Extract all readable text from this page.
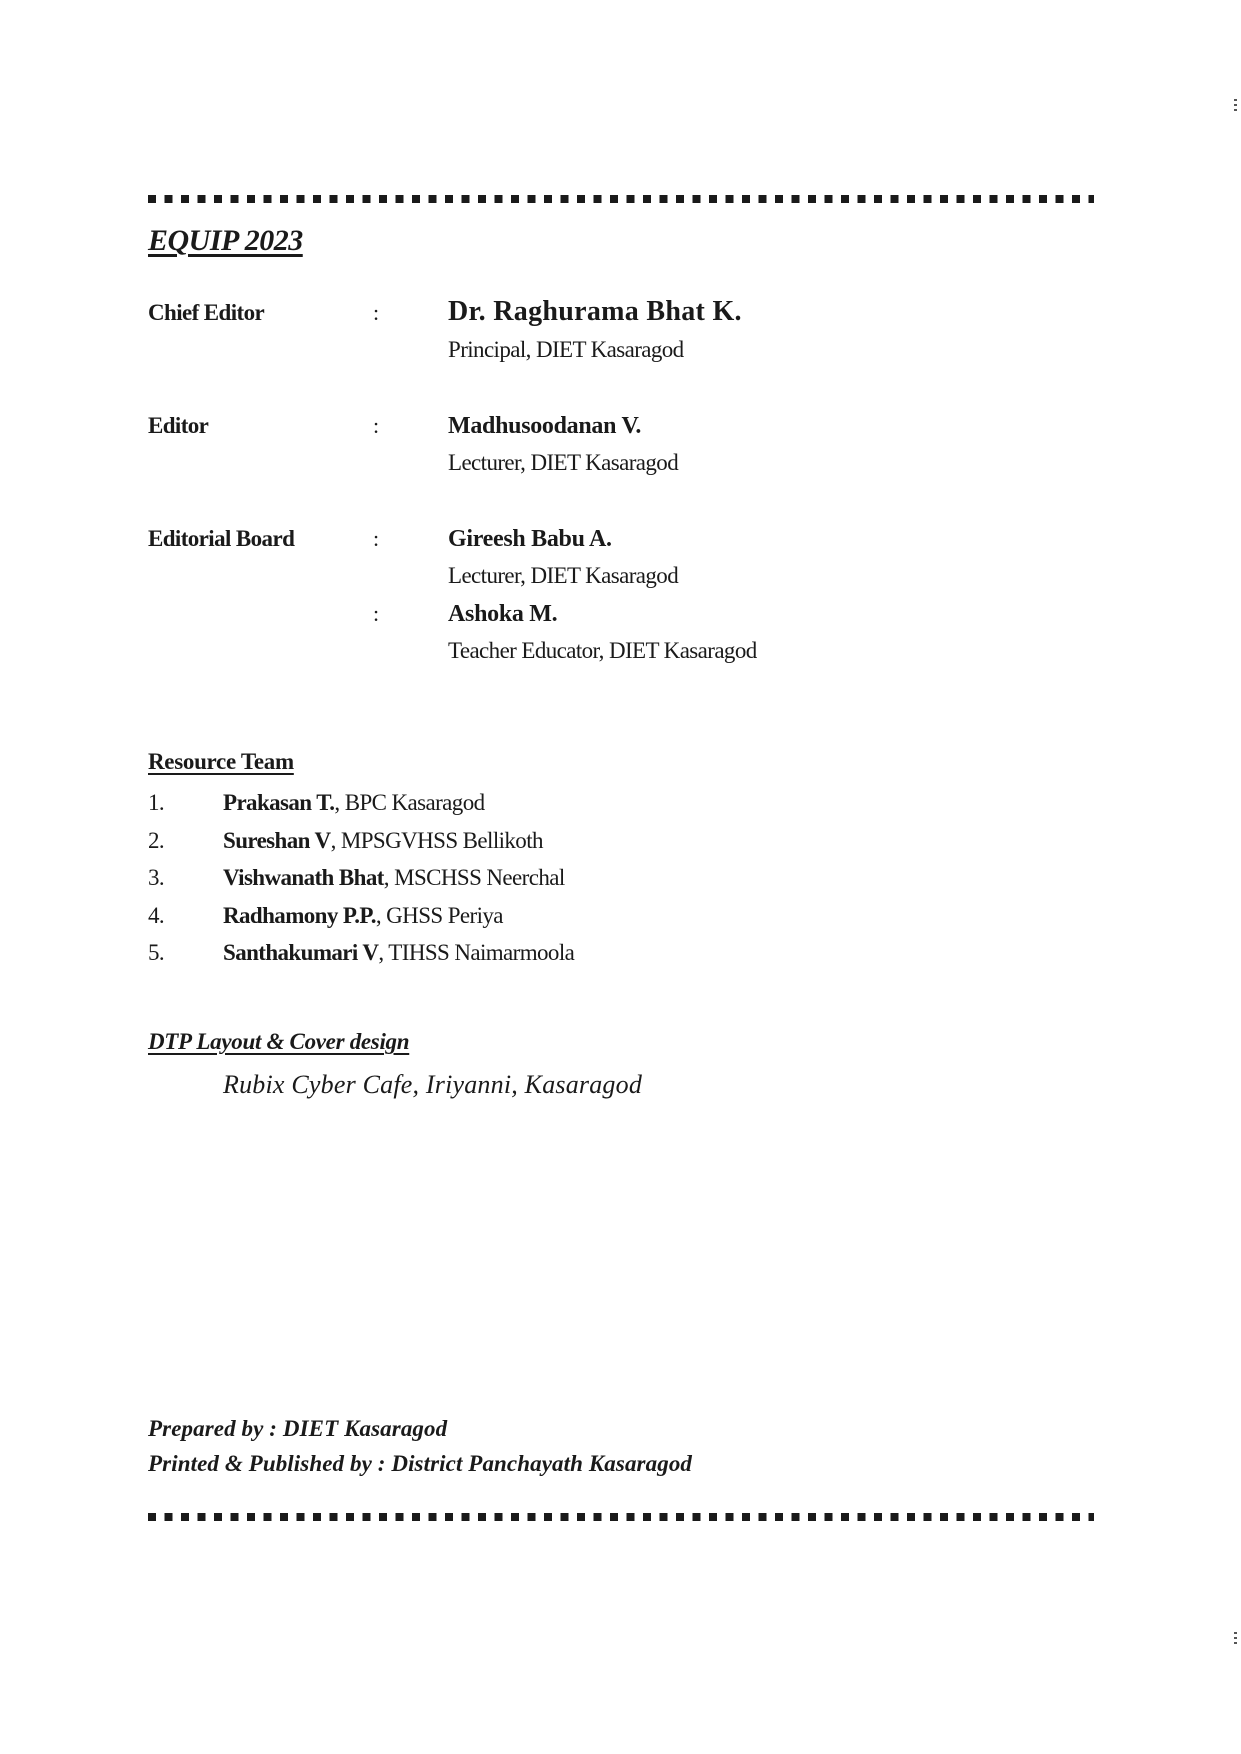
EQUIP 2023
Chief Editor	: Dr. Raghurama Bhat K.
Principal, DIET Kasaragod
Editor	:	Madhusoodanan V.
Lecturer, DIET Kasaragod
Editorial Board	:	Gireesh Babu A.
Lecturer, DIET Kasaragod
:	Ashoka M.
Teacher Educator, DIET Kasaragod
Resource Team
1.	Prakasan T., BPC Kasaragod
2.	Sureshan V, MPSGVHSS Bellikoth
3.	Vishwanath Bhat, MSCHSS Neerchal
4.	Radhamony P.P., GHSS Periya
5.	Santhakumari V, TIHSS Naimarmoola
DTP Layout & Cover design
Rubix Cyber Cafe, Iriyanni, Kasaragod
Prepared by : DIET Kasaragod
Printed & Published by : District Panchayath Kasaragod
